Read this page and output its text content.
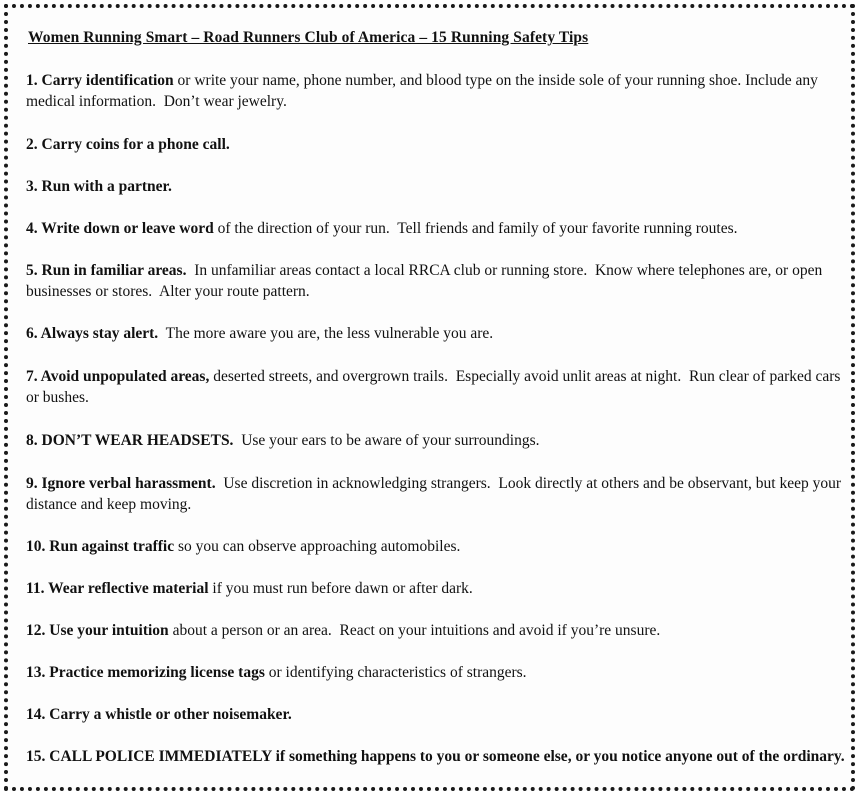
Women Running Smart – Road Runners Club of America – 15 Running Safety Tips
1. Carry identification or write your name, phone number, and blood type on the inside sole of your running shoe. Include any medical information.  Don’t wear jewelry.
2. Carry coins for a phone call.
3. Run with a partner.
4. Write down or leave word of the direction of your run.  Tell friends and family of your favorite running routes.
5. Run in familiar areas.  In unfamiliar areas contact a local RRCA club or running store.  Know where telephones are, or open businesses or stores.  Alter your route pattern.
6. Always stay alert.  The more aware you are, the less vulnerable you are.
7. Avoid unpopulated areas, deserted streets, and overgrown trails.  Especially avoid unlit areas at night.  Run clear of parked cars or bushes.
8. DON’T WEAR HEADSETS.  Use your ears to be aware of your surroundings.
9. Ignore verbal harassment.  Use discretion in acknowledging strangers.  Look directly at others and be observant, but keep your distance and keep moving.
10. Run against traffic so you can observe approaching automobiles.
11. Wear reflective material if you must run before dawn or after dark.
12. Use your intuition about a person or an area.  React on your intuitions and avoid if you’re unsure.
13. Practice memorizing license tags or identifying characteristics of strangers.
14. Carry a whistle or other noisemaker.
15. CALL POLICE IMMEDIATELY if something happens to you or someone else, or you notice anyone out of the ordinary.
